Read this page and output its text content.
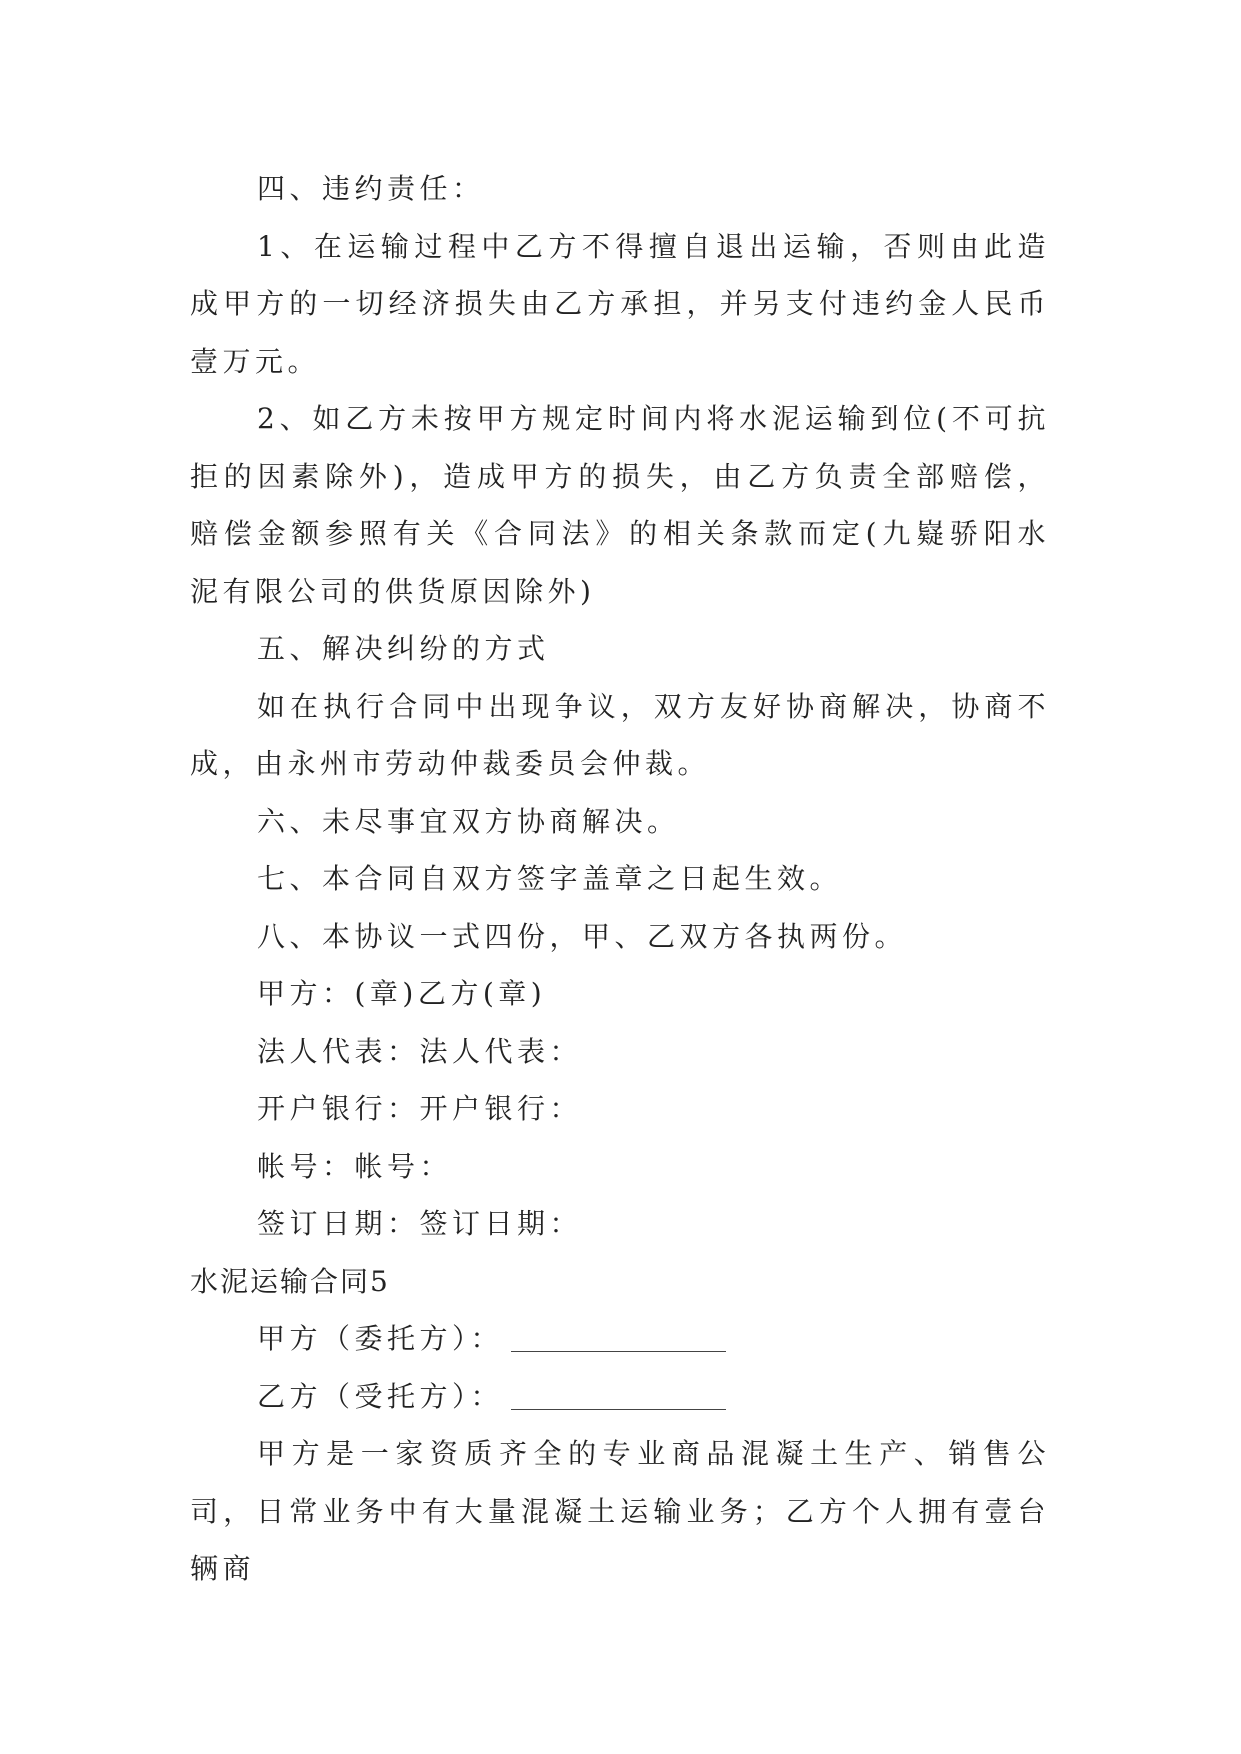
四、违约责任：

1、在运输过程中乙方不得擅自退出运输，否则由此造成甲方的一切经济损失由乙方承担，并另支付违约金人民币壹万元。

2、如乙方未按甲方规定时间内将水泥运输到位(不可抗拒的因素除外)，造成甲方的损失，由乙方负责全部赔偿，赔偿金额参照有关《合同法》的相关条款而定(九嶷骄阳水泥有限公司的供货原因除外)

五、解决纠纷的方式

如在执行合同中出现争议，双方友好协商解决，协商不成，由永州市劳动仲裁委员会仲裁。

六、未尽事宜双方协商解决。

七、本合同自双方签字盖章之日起生效。

八、本协议一式四份，甲、乙双方各执两份。

甲方：(章)乙方(章)

法人代表：法人代表：

开户银行：开户银行：

帐号：帐号：

签订日期：签订日期：

水泥运输合同5

甲方（委托方）：

乙方（受托方）：

甲方是一家资质齐全的专业商品混凝土生产、销售公司，日常业务中有大量混凝土运输业务；乙方个人拥有壹台辆商
